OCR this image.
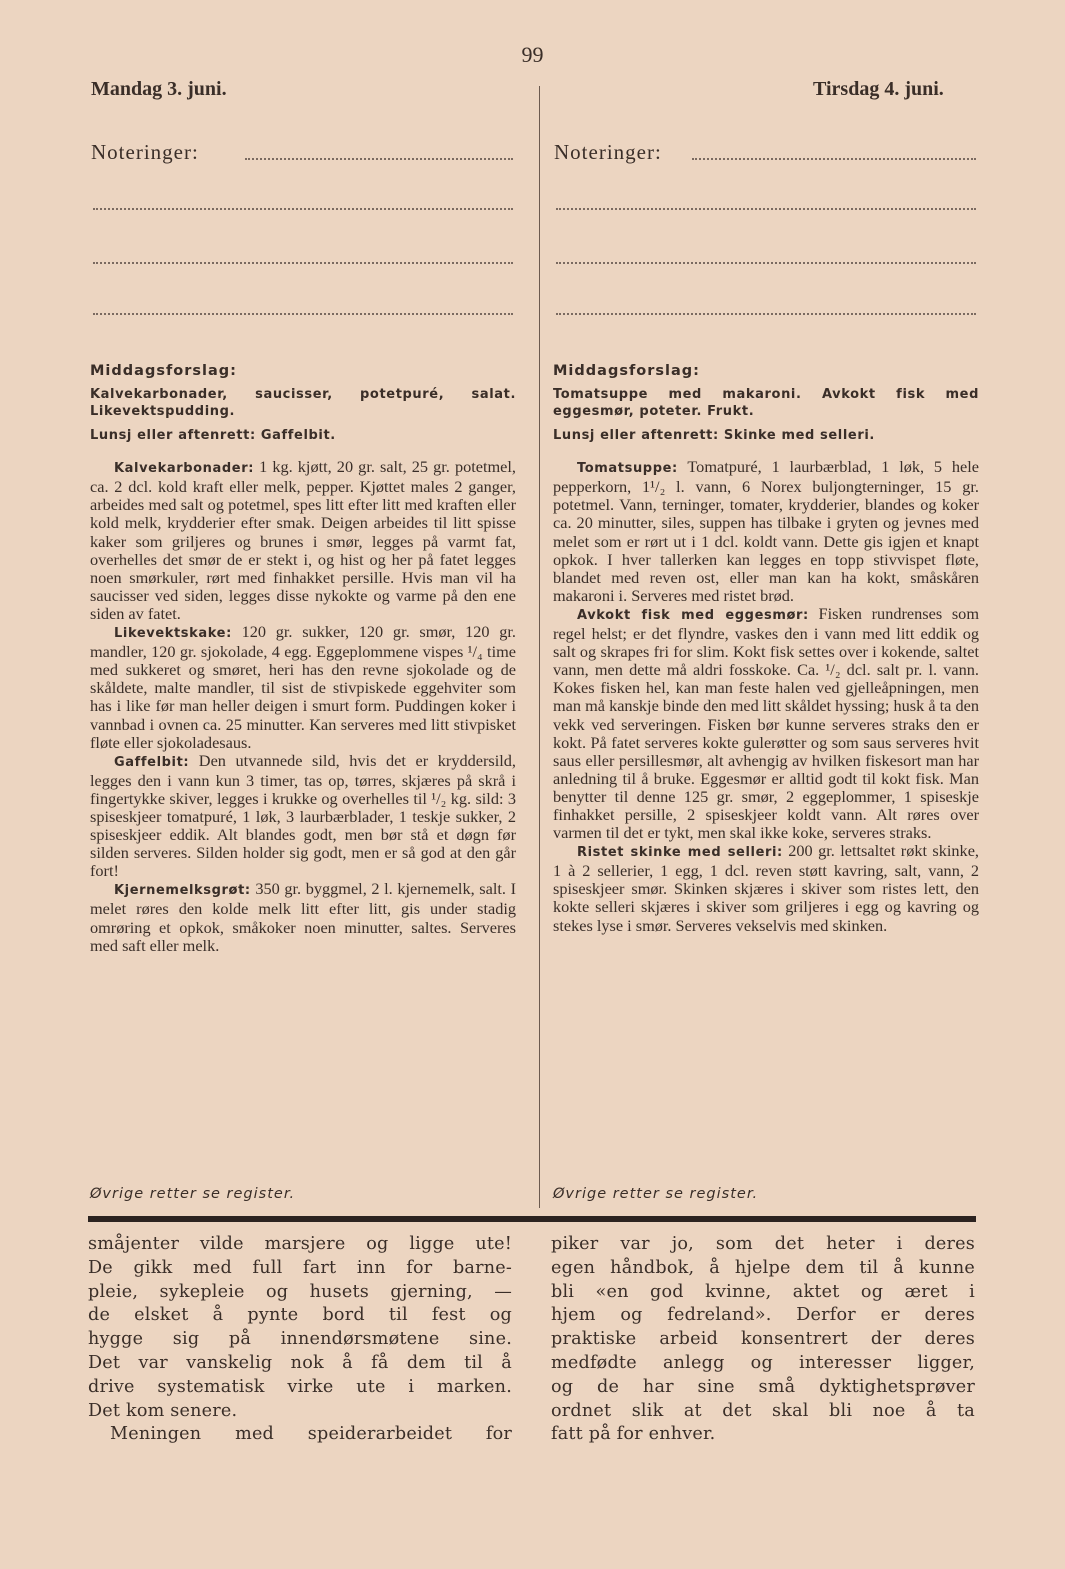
99
Mandag 3. juni.	Tirsdag 4. juni.
Noteringer:	Noteringer:
Middagsforslag:
Kalvekarbonader, saucisser, potetpuré, salat. Likevektspudding.
Lunsj eller aftenrett: Gaffelbit.

Kalvekarbonader: 1 kg. kjøtt, 20 gr. salt, 25 gr. potetmel, ca. 2 dcl. kold kraft eller melk, pepper. Kjøttet males 2 ganger, arbeides med salt og potetmel, spes litt efter litt med kraften eller kold melk, krydderier efter smak. Deigen arbeides til litt spisse kaker som griljeres og brunes i smør, legges på varmt fat, overhelles det smør de er stekt i, og hist og her på fatet legges noen smørkuler, rørt med finhakket persille. Hvis man vil ha saucisser ved siden, legges disse nykokte og varme på den ene siden av fatet.

Likevektskake: 120 gr. sukker, 120 gr. smør, 120 gr. mandler, 120 gr. sjokolade, 4 egg. Eggeplommene vispes ¹/₄ time med sukkeret og smøret, heri has den revne sjokolade og de skåldete, malte mandler, til sist de stivpiskede eggehviter som has i like før man heller deigen i smurt form. Puddingen koker i vannbad i ovnen ca. 25 minutter. Kan serveres med litt stivpisket fløte eller sjokoladesaus.

Gaffelbit: Den utvannede sild, hvis det er kryddersild, legges den i vann kun 3 timer, tas op, tørres, skjæres på skrå i fingertykke skiver, legges i krukke og overhelles til ¹/₂ kg. sild: 3 spiseskjeer tomatpuré, 1 løk, 3 laurbærblader, 1 teskje sukker, 2 spiseskjeer eddik. Alt blandes godt, men bør stå et døgn før silden serveres. Silden holder sig godt, men er så god at den går fort!

Kjernemelksgrøt: 350 gr. byggmel, 2 l. kjernemelk, salt. I melet røres den kolde melk litt efter litt, gis under stadig omrøring et opkok, småkoker noen minutter, saltes. Serveres med saft eller melk.

Middagsforslag:
Tomatsuppe med makaroni. Avkokt fisk med eggesmør, poteter. Frukt.
Lunsj eller aftenrett: Skinke med selleri.

Tomatsuppe: Tomatpuré, 1 laurbærblad, 1 løk, 5 hele pepperkorn, 1¹/₂ l. vann, 6 Norex buljongterninger, 15 gr. potetmel. Vann, terninger, tomater, krydderier, blandes og koker ca. 20 minutter, siles, suppen has tilbake i gryten og jevnes med melet som er rørt ut i 1 dcl. koldt vann. Dette gis igjen et knapt opkok. I hver tallerken kan legges en topp stivvispet fløte, blandet med reven ost, eller man kan ha kokt, småskåren makaroni i. Serveres med ristet brød.

Avkokt fisk med eggesmør: Fisken rundrenses som regel helst; er det flyndre, vaskes den i vann med litt eddik og salt og skrapes fri for slim. Kokt fisk settes over i kokende, saltet vann, men dette må aldri fosskoke. Ca. ¹/₂ dcl. salt pr. l. vann. Kokes fisken hel, kan man feste halen ved gjelleåpningen, men man må kanskje binde den med litt skåldet hyssing; husk å ta den vekk ved serveringen. Fisken bør kunne serveres straks den er kokt. På fatet serveres kokte gulerøtter og som saus serveres hvit saus eller persillesmør, alt avhengig av hvilken fiskesort man har anledning til å bruke. Eggesmør er alltid godt til kokt fisk. Man benytter til denne 125 gr. smør, 2 eggeplommer, 1 spiseskje finhakket persille, 2 spiseskjeer koldt vann. Alt røres over varmen til det er tykt, men skal ikke koke, serveres straks.

Ristet skinke med selleri: 200 gr. lettsaltet røkt skinke, 1 à 2 sellerier, 1 egg, 1 dcl. reven støtt kavring, salt, vann, 2 spiseskjeer smør. Skinken skjæres i skiver som ristes lett, den kokte selleri skjæres i skiver som griljeres i egg og kavring og stekes lyse i smør. Serveres vekselvis med skinken.

Øvrige retter se register.	Øvrige retter se register.

småjenter vilde marsjere og ligge ute!

De gikk med full fart inn for barne-

pleie, sykepleie og husets gjerning, —

de elsket å pynte bord til fest og

hygge sig på innendørsmøtene sine.

Det var vanskelig nok å få dem til å

drive systematisk virke ute i marken.

Det kom senere.

Meningen med speiderarbeidet for

piker var jo, som det heter i deres

egen håndbok, å hjelpe dem til å kunne

bli «en god kvinne, aktet og æret i

hjem og fedreland». Derfor er deres

praktiske arbeid konsentrert der deres

medfødte anlegg og interesser ligger,

og de har sine små dyktighetsprøver

ordnet slik at det skal bli noe å ta

fatt på for enhver.
